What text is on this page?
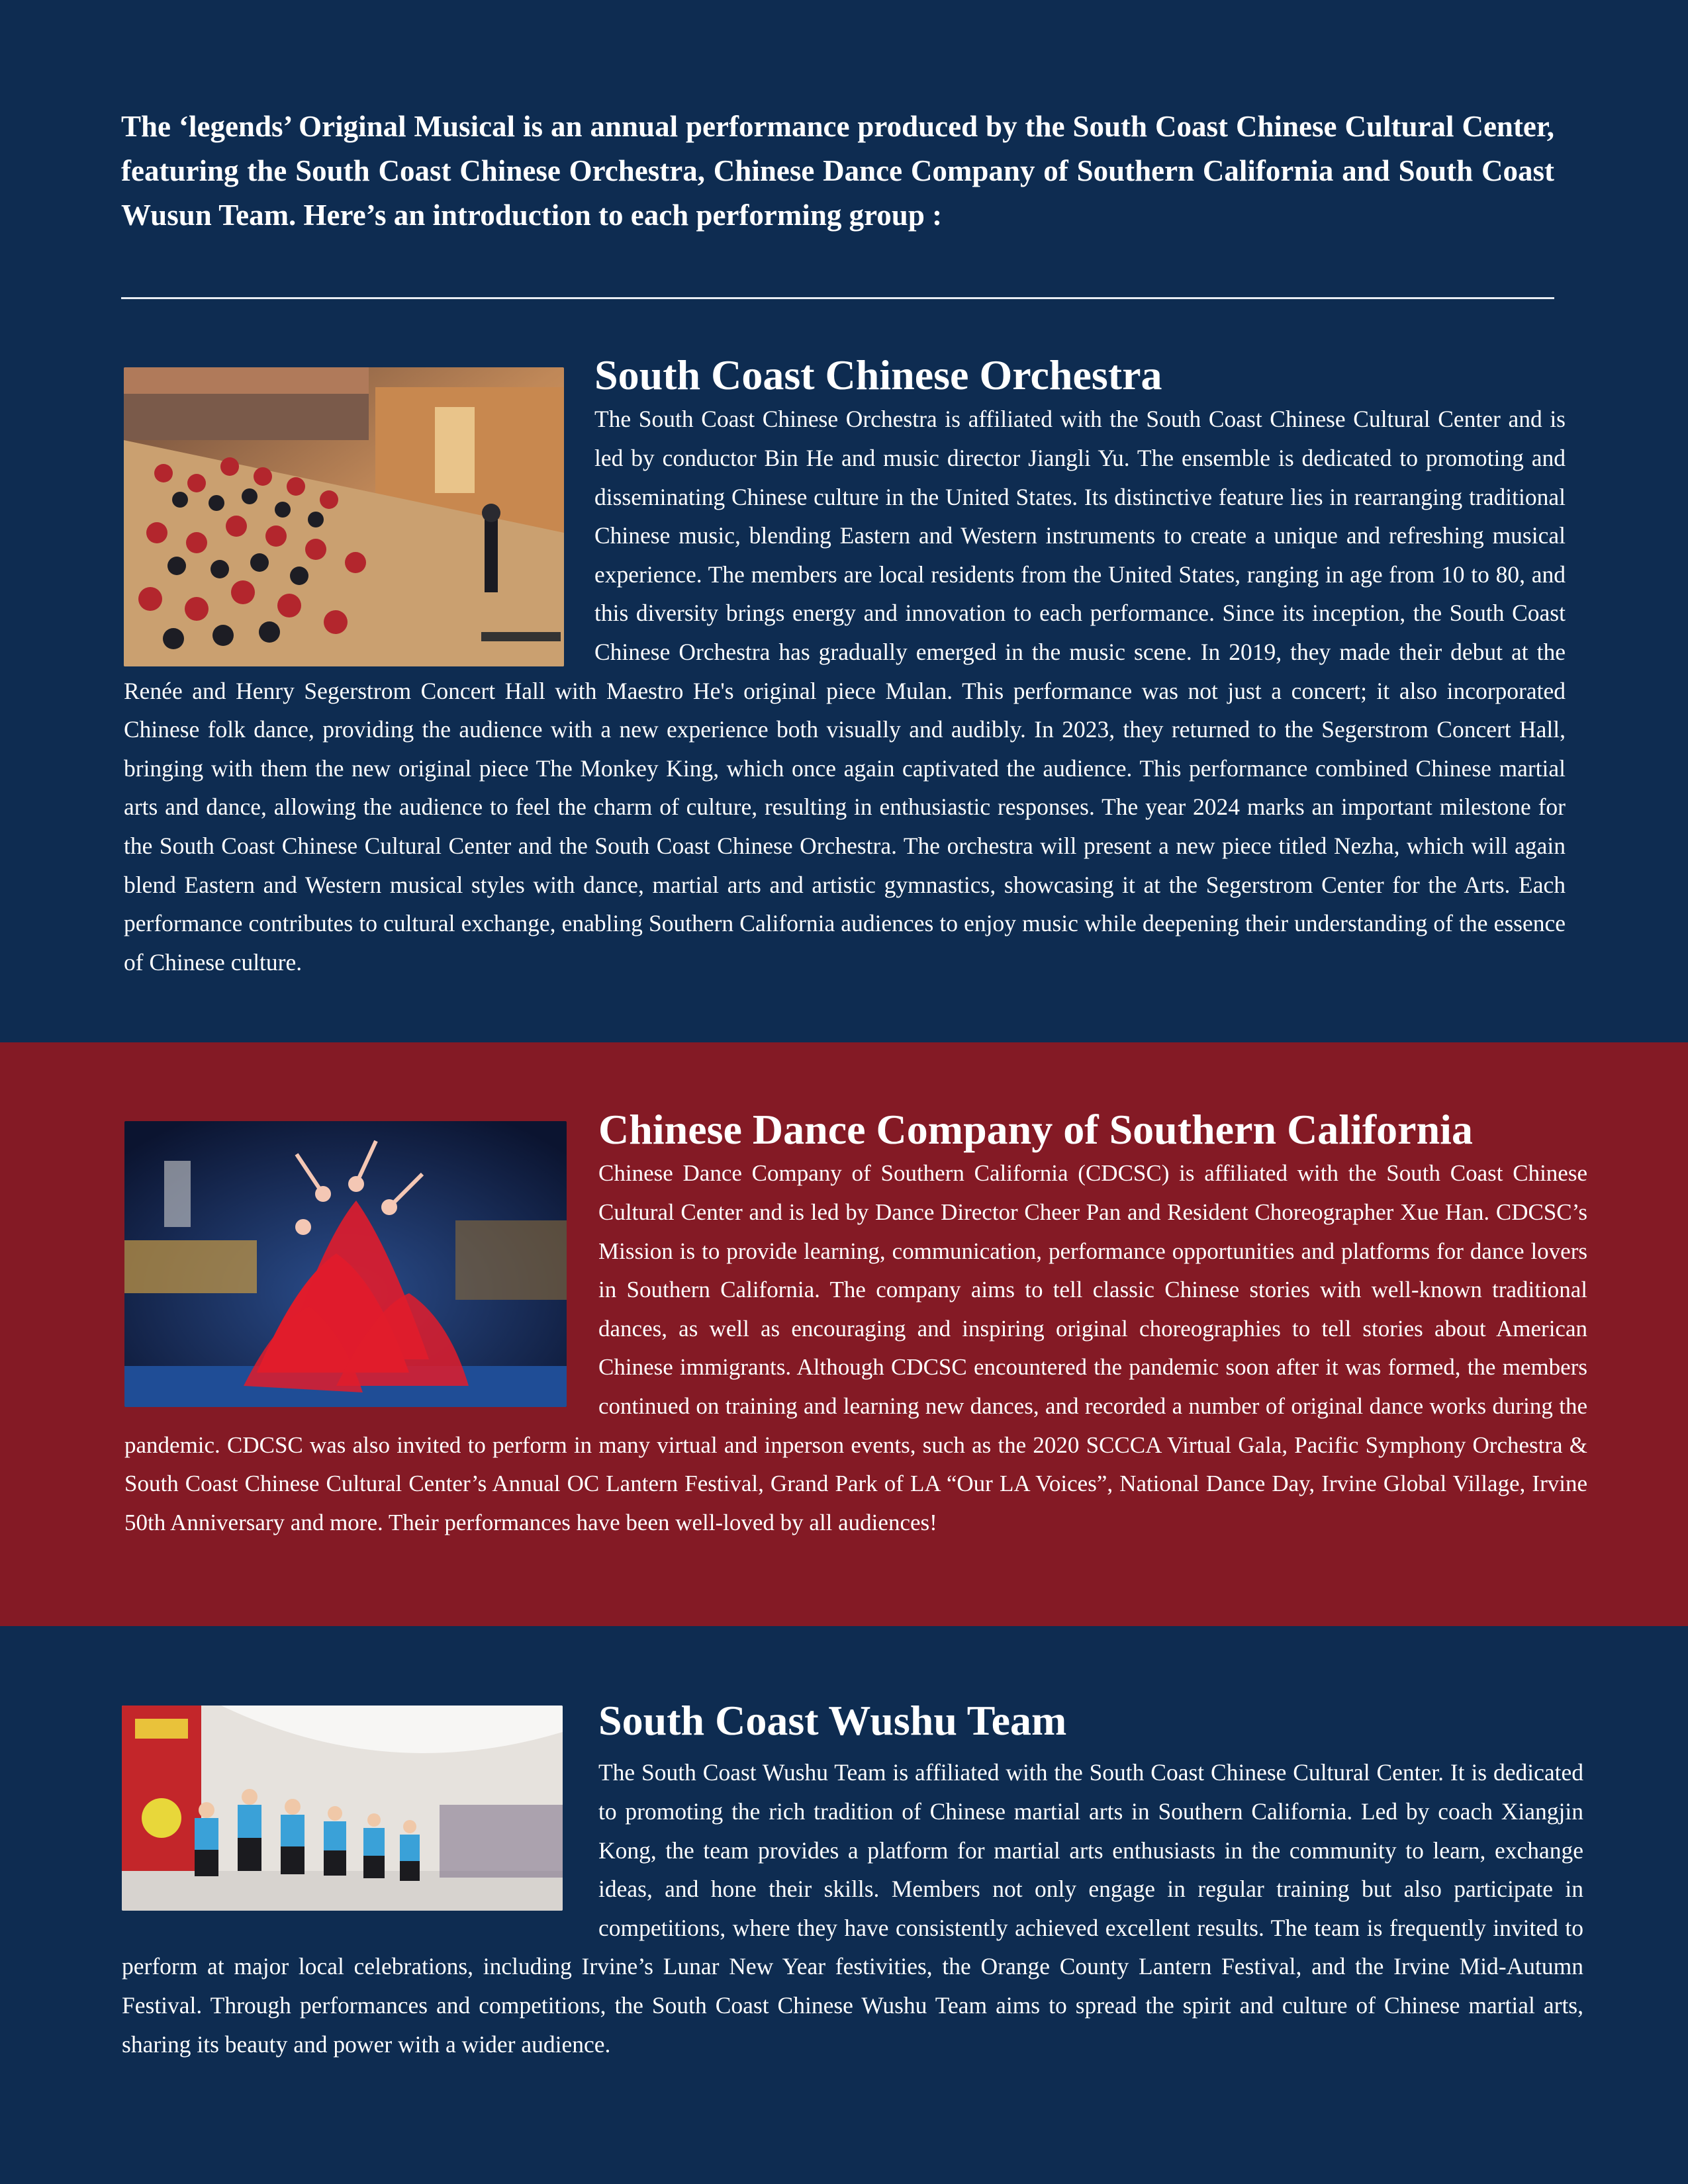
The ‘legends’ Original Musical is an annual performance produced by the South Coast Chinese Cultural Center, featuring the South Coast Chinese Orchestra, Chinese Dance Company of Southern California and South Coast Wusun Team. Here’s an introduction to each performing group :

South Coast Chinese Orchestra

The South Coast Chinese Orchestra is affiliated with the South Coast Chinese Cultural Center and is led by conductor Bin He and music director Jiangli Yu. The ensemble is dedicated to promoting and disseminating Chinese culture in the United States. Its distinctive feature lies in rearranging traditional Chinese music, blending Eastern and Western instruments to create a unique and refreshing musical experience. The members are local residents from the United States, ranging in age from 10 to 80, and this diversity brings energy and innovation to each performance. Since its inception, the South Coast Chinese Orchestra has gradually emerged in the music scene. In 2019, they made their debut at the Renée and Henry Segerstrom Concert Hall with Maestro He's original piece Mulan. This performance was not just a concert; it also incorporated Chinese folk dance, providing the audience with a new experience both visually and audibly. In 2023, they returned to the Segerstrom Concert Hall, bringing with them the new original piece The Monkey King, which once again captivated the audience. This performance combined Chinese martial arts and dance, allowing the audience to feel the charm of culture, resulting in enthusiastic responses. The year 2024 marks an important milestone for the South Coast Chinese Cultural Center and the South Coast Chinese Orchestra. The orchestra will present a new piece titled Nezha, which will again blend Eastern and Western musical styles with dance, martial arts and artistic gymnastics, showcasing it at the Segerstrom Center for the Arts. Each performance contributes to cultural exchange, enabling Southern California audiences to enjoy music while deepening their understanding of the essence of Chinese culture.

Chinese Dance Company of Southern California

Chinese Dance Company of Southern California (CDCSC) is affiliated with the South Coast Chinese Cultural Center and is led by Dance Director Cheer Pan and Resident Choreographer Xue Han. CDCSC’s Mission is to provide learning, communication, performance opportunities and platforms for dance lovers in Southern California. The company aims to tell classic Chinese stories with well-known traditional dances, as well as encouraging and inspiring original choreographies to tell stories about American Chinese immigrants. Although CDCSC encountered the pandemic soon after it was formed, the members continued on training and learning new dances, and recorded a number of original dance works during the pandemic. CDCSC was also invited to perform in many virtual and inperson events, such as the 2020 SCCCA Virtual Gala, Pacific Symphony Orchestra & South Coast Chinese Cultural Center’s Annual OC Lantern Festival, Grand Park of LA “Our LA Voices”, National Dance Day, Irvine Global Village, Irvine 50th Anniversary and more. Their performances have been well-loved by all audiences!

South Coast Wushu Team

The South Coast Wushu Team is affiliated with the South Coast Chinese Cultural Center. It is dedicated to promoting the rich tradition of Chinese martial arts in Southern California. Led by coach Xiangjin Kong, the team provides a platform for martial arts enthusiasts in the community to learn, exchange ideas, and hone their skills. Members not only engage in regular training but also participate in competitions, where they have consistently achieved excellent results. The team is frequently invited to perform at major local celebrations, including Irvine’s Lunar New Year festivities, the Orange County Lantern Festival, and the Irvine Mid-Autumn Festival. Through performances and competitions, the South Coast Chinese Wushu Team aims to spread the spirit and culture of Chinese martial arts, sharing its beauty and power with a wider audience.
